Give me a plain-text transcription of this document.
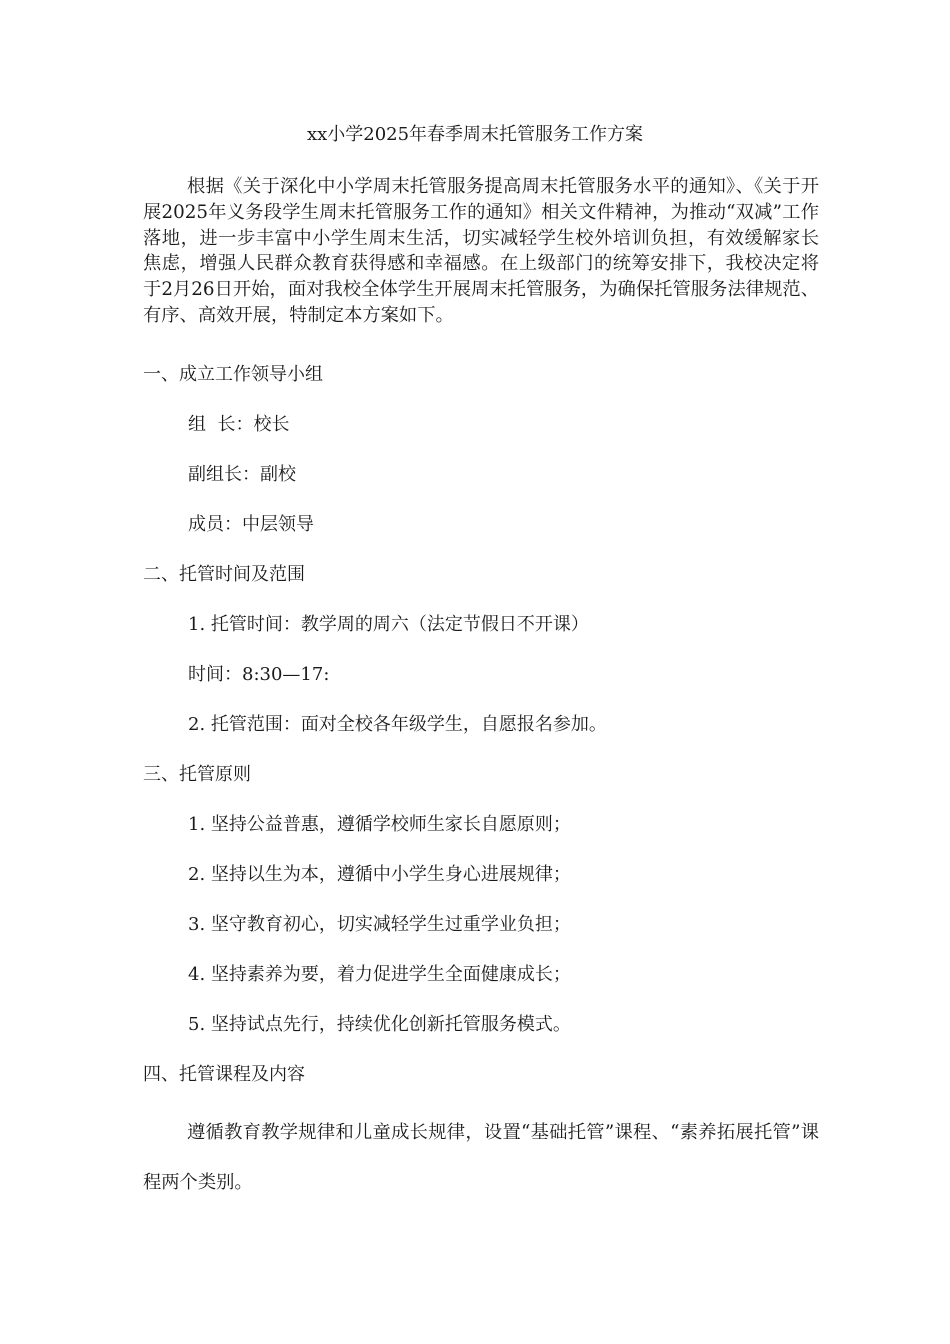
xx小学2025年春季周末托管服务工作方案

根据《关于深化中小学周末托管服务提高周末托管服务水平的通知》、《关于开展2025年义务段学生周末托管服务工作的通知》相关文件精神，为推动“双减”工作落地，进一步丰富中小学生周末生活，切实减轻学生校外培训负担，有效缓解家长焦虑，增强人民群众教育获得感和幸福感。在上级部门的统筹安排下，我校决定将于2月26日开始，面对我校全体学生开展周末托管服务，为确保托管服务法律规范、有序、高效开展，特制定本方案如下。

一、成立工作领导小组
组  长：校长
副组长：副校
成员：中层领导
二、托管时间及范围
1. 托管时间：教学周的周六（法定节假日不开课）
时间：8:30—17:
2. 托管范围：面对全校各年级学生，自愿报名参加。
三、托管原则
1. 坚持公益普惠，遵循学校师生家长自愿原则；
2. 坚持以生为本，遵循中小学生身心进展规律；
3. 坚守教育初心，切实减轻学生过重学业负担；
4. 坚持素养为要，着力促进学生全面健康成长；
5. 坚持试点先行，持续优化创新托管服务模式。
四、托管课程及内容

遵循教育教学规律和儿童成长规律，设置“基础托管”课程、“素养拓展托管”课程两个类别。
